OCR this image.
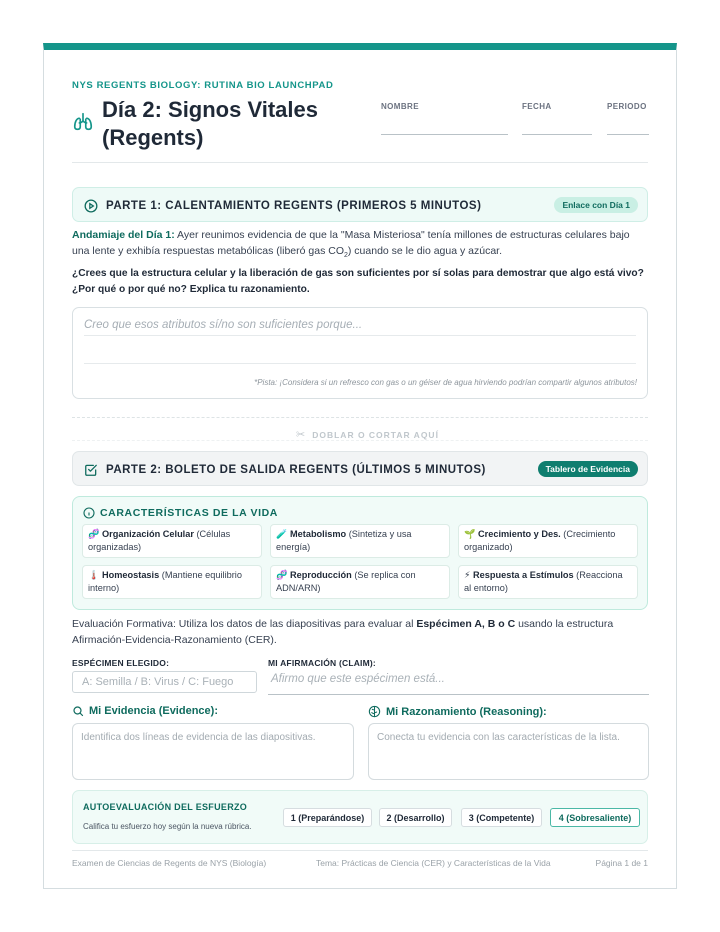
NYS REGENTS BIOLOGY: RUTINA BIO LAUNCHPAD
Día 2: Signos Vitales (Regents)
NOMBRE	FECHA	PERIODO
PARTE 1: CALENTAMIENTO REGENTS (PRIMEROS 5 MINUTOS)	Enlace con Día 1
Andamiaje del Día 1: Ayer reunimos evidencia de que la "Masa Misteriosa" tenía millones de estructuras celulares bajo una lente y exhibía respuestas metabólicas (liberó gas $CO_2$) cuando se le dio agua y azúcar.
¿Crees que la estructura celular y la liberación de gas son suficientes por sí solas para demostrar que algo está vivo? ¿Por qué o por qué no? Explica tu razonamiento.
Creo que esos atributos sí/no son suficientes porque...
*Pista: ¡Considera si un refresco con gas o un géiser de agua hirviendo podrían compartir algunos atributos!
✂ DOBLAR O CORTAR AQUÍ
PARTE 2: BOLETO DE SALIDA REGENTS (ÚLTIMOS 5 MINUTOS)	Tablero de Evidencia
CARACTERÍSTICAS DE LA VIDA
🧬 Organización Celular (Células organizadas)
🧪 Metabolismo (Sintetiza y usa energía)
🌱 Crecimiento y Des. (Crecimiento organizado)
🌡️ Homeostasis (Mantiene equilibrio interno)
🧬 Reproducción (Se replica con ADN/ARN)
⚡ Respuesta a Estímulos (Reacciona al entorno)
Evaluación Formativa: Utiliza los datos de las diapositivas para evaluar al Espécimen A, B o C usando la estructura Afirmación-Evidencia-Razonamiento (CER).
ESPÉCIMEN ELEGIDO:
A: Semilla / B: Virus / C: Fuego
MI AFIRMACIÓN (CLAIM):
Afirmo que este espécimen está...
Mi Evidencia (Evidence):
Identifica dos líneas de evidencia de las diapositivas.
Mi Razonamiento (Reasoning):
Conecta tu evidencia con las características de la lista.
AUTOEVALUACIÓN DEL ESFUERZO
Califica tu esfuerzo hoy según la nueva rúbrica.
1 (Preparándose)	2 (Desarrollo)	3 (Competente)	4 (Sobresaliente)
Examen de Ciencias de Regents de NYS (Biología)	Tema: Prácticas de Ciencia (CER) y Características de la Vida	Página 1 de 1
